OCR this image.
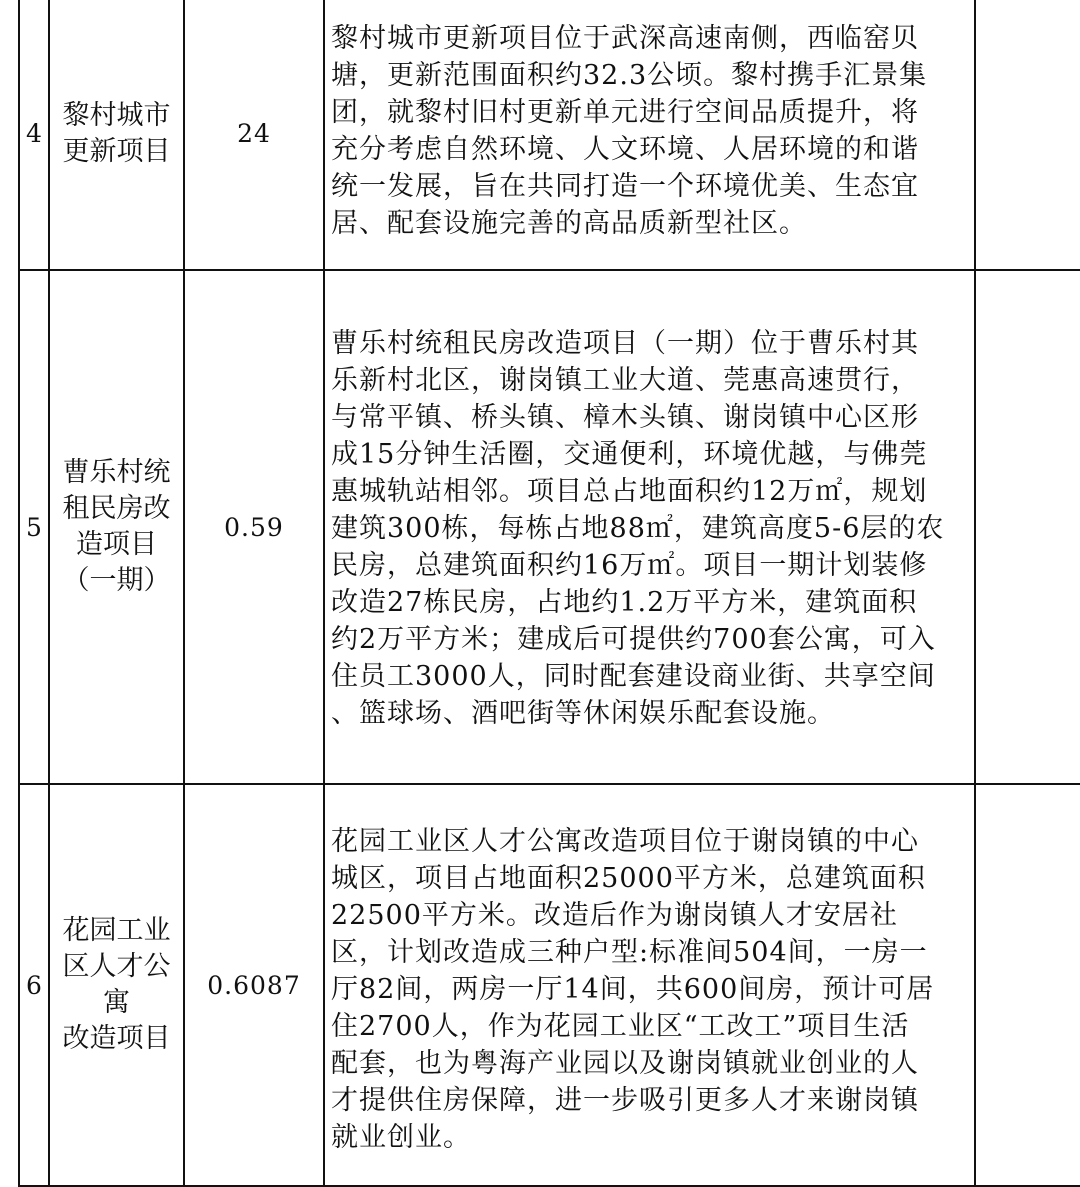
4
黎村城市
更新项目
24
黎村城市更新项目位于武深高速南侧，西临窑贝
塘，更新范围面积约32.3公顷。黎村携手汇景集
团，就黎村旧村更新单元进行空间品质提升，将
充分考虑自然环境、人文环境、人居环境的和谐
统一发展，旨在共同打造一个环境优美、生态宜
居、配套设施完善的高品质新型社区。
5
曹乐村统
租民房改
造项目
（一期）
0.59
曹乐村统租民房改造项目（一期）位于曹乐村其
乐新村北区，谢岗镇工业大道、莞惠高速贯行，
与常平镇、桥头镇、樟木头镇、谢岗镇中心区形
成15分钟生活圈，交通便利，环境优越，与佛莞
惠城轨站相邻。项目总占地面积约12万㎡，规划
建筑300栋，每栋占地88㎡，建筑高度5-6层的农
民房，总建筑面积约16万㎡。项目一期计划装修
改造27栋民房，占地约1.2万平方米，建筑面积
约2万平方米；建成后可提供约700套公寓，可入
住员工3000人，同时配套建设商业街、共享空间
、篮球场、酒吧街等休闲娱乐配套设施。
6
花园工业
区人才公
寓
改造项目
0.6087
花园工业区人才公寓改造项目位于谢岗镇的中心
城区，项目占地面积25000平方米，总建筑面积
22500平方米。改造后作为谢岗镇人才安居社
区，计划改造成三种户型:标准间504间，一房一
厅82间，两房一厅14间，共600间房，预计可居
住2700人，作为花园工业区“工改工”项目生活
配套，也为粤海产业园以及谢岗镇就业创业的人
才提供住房保障，进一步吸引更多人才来谢岗镇
就业创业。
